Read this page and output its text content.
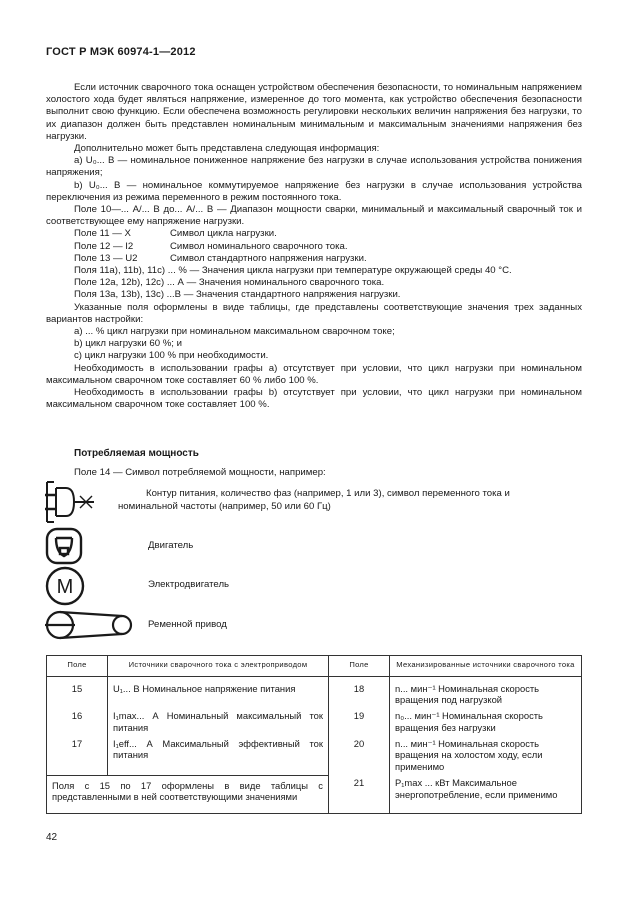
ГОСТ Р МЭК 60974-1—2012

Если источник сварочного тока оснащен устройством обеспечения безопасности, то номинальным напряжением холостого хода будет являться напряжение, измеренное до того момента, как устройство обеспечения безопасности выполнит свою функцию. Если обеспечена возможность регулировки нескольких величин напряжения без нагрузки, то их диапазон должен быть представлен номинальным минимальным и максимальным значениями напряжения без нагрузки.

Дополнительно может быть представлена следующая информация:

а) U₀... В — номинальное пониженное напряжение без нагрузки в случае использования устройства понижения напряжения;

b) U₀... В — номинальное коммутируемое напряжение без нагрузки в случае использования устройства переключения из режима переменного в режим постоянного тока.

Поле 10—... А/... В до... А/... В — Диапазон мощности сварки, минимальный и максимальный сварочный ток и соответствующее ему напряжение нагрузки.

Поле 11 — X	Символ цикла нагрузки.
Поле 12 — I2	Символ номинального сварочного тока.
Поле 13 — U2	Символ стандартного напряжения нагрузки.
Поля 11а), 11b), 11с) ... % — Значения цикла нагрузки при температуре окружающей среды 40 °С.
Поле 12а, 12b), 12с) ... А — Значения номинального сварочного тока.
Поля 13а, 13b), 13с) ...В — Значения стандартного напряжения нагрузки.

Указанные поля оформлены в виде таблицы, где представлены соответствующие значения трех заданных вариантов настройки:

а) ... % цикл нагрузки при номинальном максимальном сварочном токе;

b) цикл нагрузки 60 %; и

с) цикл нагрузки 100 % при необходимости.

Необходимость в использовании графы а) отсутствует при условии, что цикл нагрузки при номинальном максимальном сварочном токе составляет 60 % либо 100 %.

Необходимость в использовании графы b) отсутствует при условии, что цикл нагрузки при номинальном максимальном сварочном токе составляет 100 %.

Потребляемая мощность
Поле 14 — Символ потребляемой мощности, например:
Контур питания, количество фаз (например, 1 или 3), символ переменного тока и номинальной частоты (например, 50 или 60 Гц)
Двигатель
M	Электродвигатель
Ременной привод
Поле	Источники сварочного тока с электроприводом	Поле	Механизированные источники сварочного тока
15	U₁... В Номинальное напряжение питания	18	n... мин⁻¹ Номинальная скорость вращения под нагрузкой
16	I₁max... А Номинальный максимальный ток питания	19	n₀... мин⁻¹ Номинальная скорость вращения без нагрузки
17	I₁eff... А Максимальный эффективный ток питания	20	n... мин⁻¹ Номинальная скорость вращения на холостом ходу, если применимо
Поля с 15 по 17 оформлены в виде таблицы с представленными в ней соответствующими значениями		21	P₁max ... кВт Максимальное энергопотребление, если применимо
42
